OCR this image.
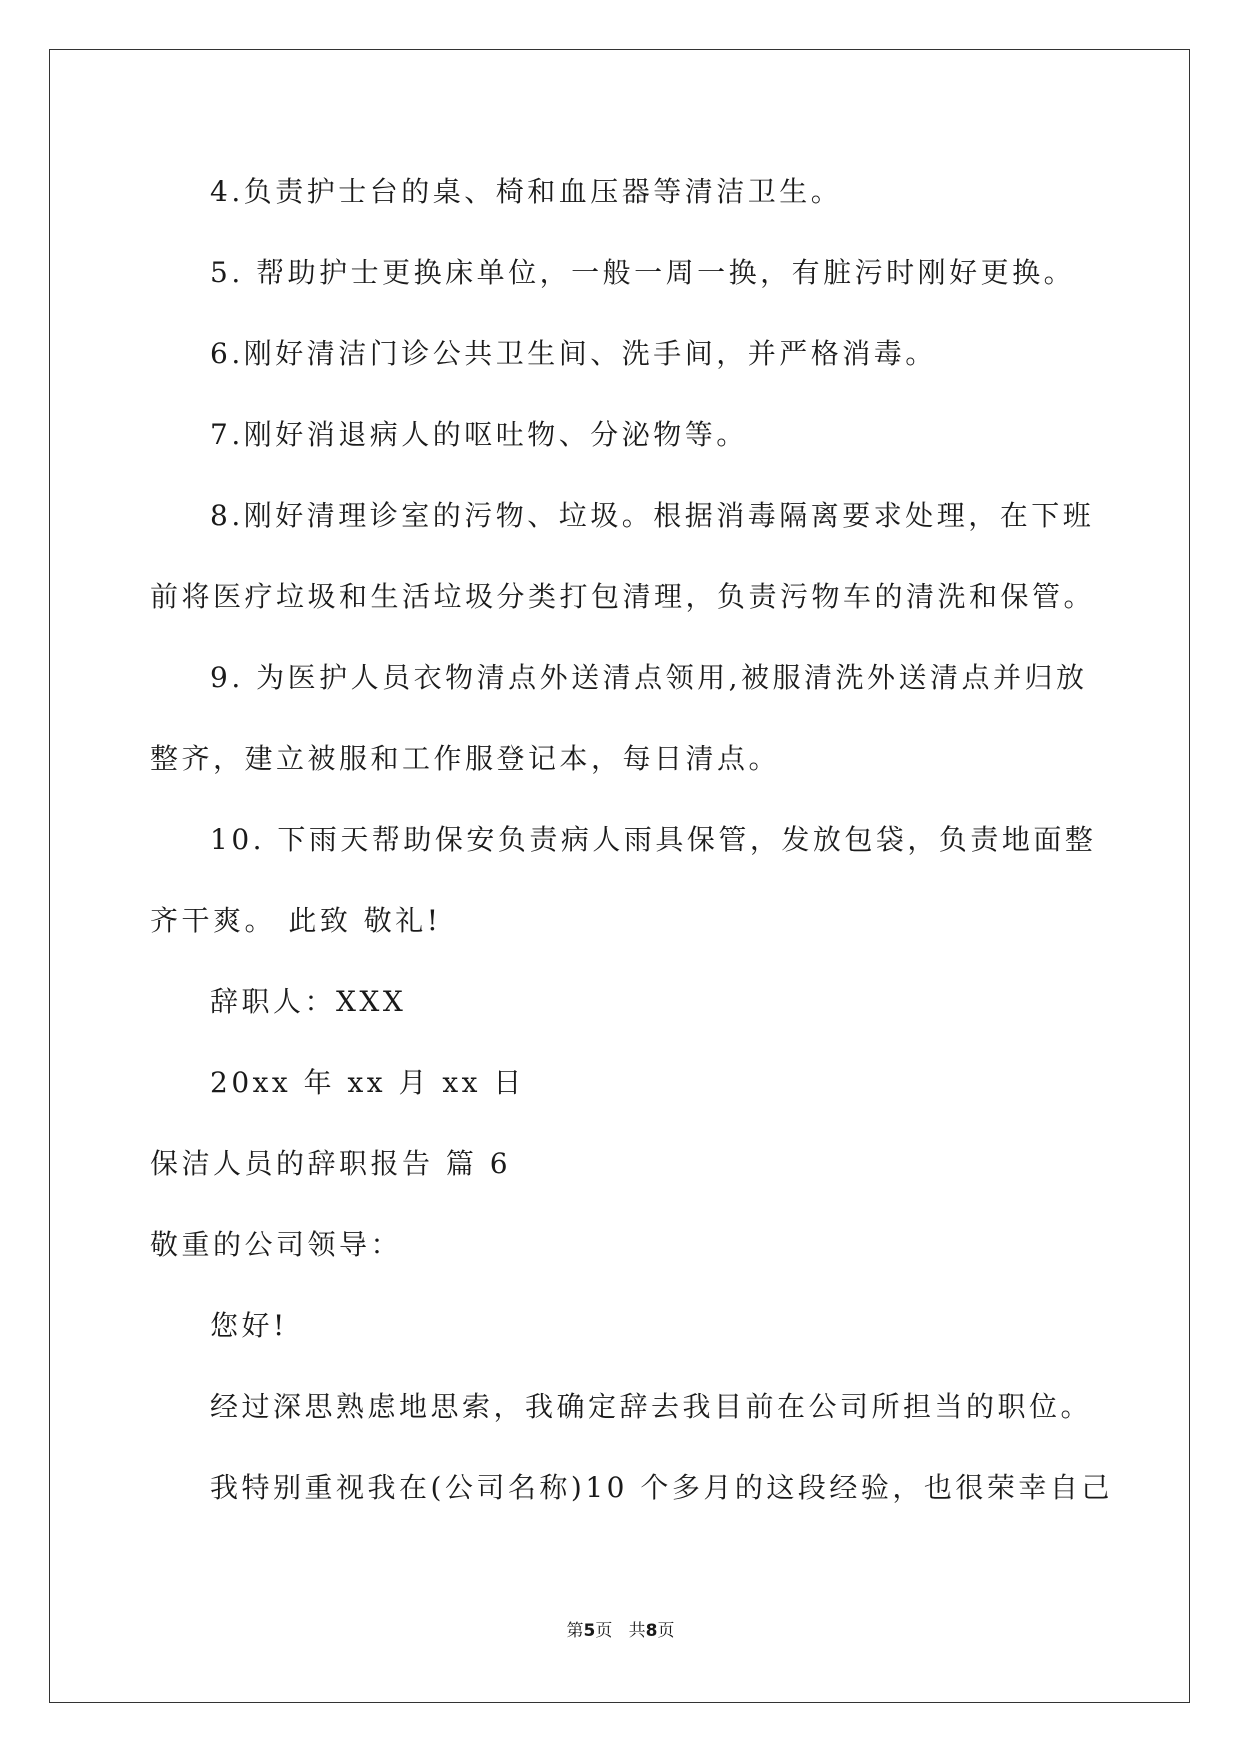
4.负责护士台的桌、椅和血压器等清洁卫生。
5. 帮助护士更换床单位，一般一周一换，有脏污时刚好更换。
6.刚好清洁门诊公共卫生间、洗手间，并严格消毒。
7.刚好消退病人的呕吐物、分泌物等。
8.刚好清理诊室的污物、垃圾。根据消毒隔离要求处理，在下班
前将医疗垃圾和生活垃圾分类打包清理，负责污物车的清洗和保管。
9. 为医护人员衣物清点外送清点领用,被服清洗外送清点并归放
整齐，建立被服和工作服登记本，每日清点。
10. 下雨天帮助保安负责病人雨具保管，发放包袋，负责地面整
齐干爽。 此致 敬礼!
辞职人：XXX
20xx 年 xx 月 xx 日
保洁人员的辞职报告 篇 6
敬重的公司领导：
您好!
经过深思熟虑地思索，我确定辞去我目前在公司所担当的职位。
我特别重视我在(公司名称)10 个多月的这段经验，也很荣幸自己
第5页   共8页
